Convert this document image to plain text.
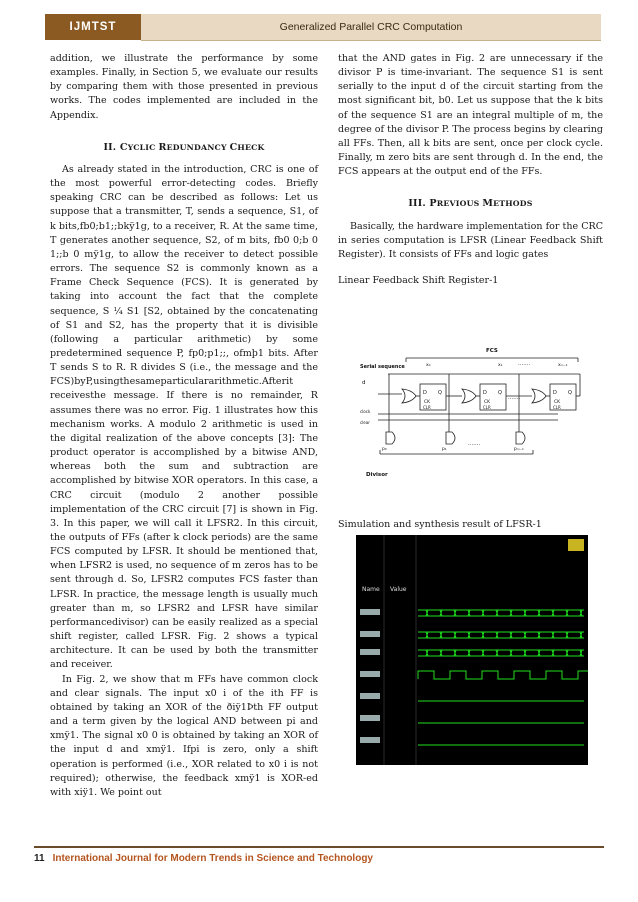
IJMTST	Generalized Parallel CRC Computation

addition, we illustrate the performance by some examples. Finally, in Section 5, we evaluate our results by comparing them with those presented in previous works. The codes implemented are included in the Appendix.

II. CYCLIC REDUNDANCY CHECK

As already stated in the introduction, CRC is one of the most powerful error-detecting codes. Briefly speaking CRC can be described as follows: Let us suppose that a transmitter, T, sends a sequence, S1, of k bits,fb0;b1;;bkÿ1g, to a receiver, R. At the same time, T generates another sequence, S2, of m bits, fb0 0;b 0 1;;b 0 mÿ1g, to allow the receiver to detect possible errors. The sequence S2 is commonly known as a Frame Check Sequence (FCS). It is generated by taking into account the fact that the complete sequence, S ¼ S1 [S2, obtained by the concatenating of S1 and S2, has the property that it is divisible (following a particular arithmetic) by some predetermined sequence P, fp0;p1;;, ofmþ1 bits. After T sends S to R. R divides S (i.e., the message and the FCS)byP,usingthesameparticulararithmetic.Afterit receivesthe message. If there is no remainder, R assumes there was no error. Fig. 1 illustrates how this mechanism works. A modulo 2 arithmetic is used in the digital realization of the above concepts [3]: The product operator is accomplished by a bitwise AND, whereas both the sum and subtraction are accomplished by bitwise XOR operators. In this case, a CRC circuit (modulo 2 another possible implementation of the CRC circuit [7] is shown in Fig. 3. In this paper, we will call it LFSR2. In this circuit, the outputs of FFs (after k clock periods) are the same FCS computed by LFSR. It should be mentioned that, when LFSR2 is used, no sequence of m zeros has to be sent through d. So, LFSR2 computes FCS faster than LFSR. In practice, the message length is usually much greater than m, so LFSR2 and LFSR have similar performancedivisor) can be easily realized as a special shift register, called LFSR. Fig. 2 shows a typical architecture. It can be used by both the transmitter and receiver.

In Fig. 2, we show that m FFs have common clock and clear signals. The input x0 i of the ith FF is obtained by taking an XOR of the ðiÿ1Þth FF output and a term given by the logical AND between pi and xmÿ1. The signal x0 0 is obtained by taking an XOR of the input d and xmÿ1. Ifpi is zero, only a shift operation is performed (i.e., XOR related to x0 i is not required); otherwise, the feedback xmÿ1 is XOR-ed with xiÿ1. We point out

that the AND gates in Fig. 2 are unnecessary if the divisor P is time-invariant. The sequence S1 is sent serially to the input d of the circuit starting from the most significant bit, b0. Let us suppose that the k bits of the sequence S1 are an integral multiple of m, the degree of the divisor P. The process begins by clearing all FFs. Then, all k bits are sent, once per clock cycle. Finally, m zero bits are sent through d. In the end, the FCS appears at the output end of the FFs.

III. PREVIOUS METHODS

Basically, the hardware implementation for the CRC in series computation is LFSR (Linear Feedback Shift Register). It consists of FFs and logic gates

Linear Feedback Shift Register-1

Simulation and synthesis result of LFSR-1

FCS
Serial sequence
d
clock
clear
Divisor
x₀	x₁	xₘ₋₁
·······
·······
·······
D Q
CK
CLR
D Q
CK
CLR
D Q
CK
CLR
p₀	p₁	pₘ₋₁
Name Value
11 International Journal for Modern Trends in Science and Technology
